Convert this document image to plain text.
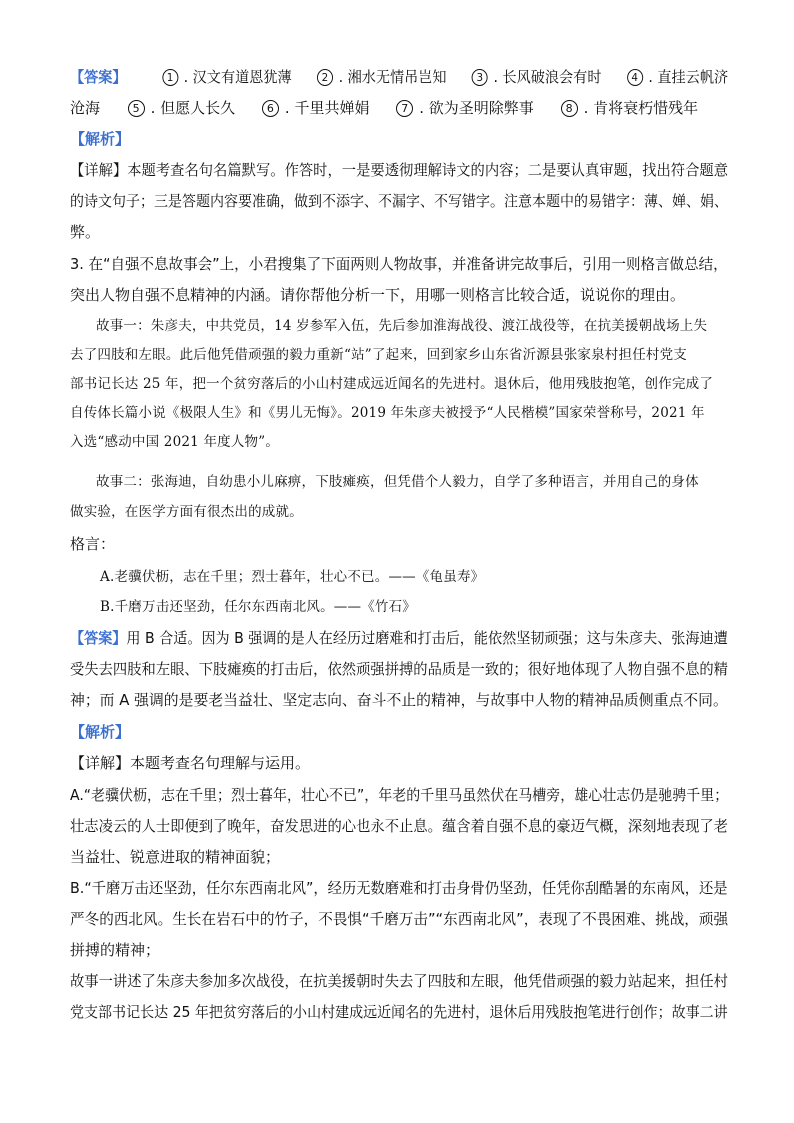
【答案】	1 . 汉文有道恩犹薄	2 . 湘水无情吊岂知	3 . 长风破浪会有时	4 . 直挂云帆济
沧海	5 . 但愿人长久	6 . 千里共婵娟	7 . 欲为圣明除弊事	8 . 肯将衰朽惜残年
【解析】
【详解】本题考查名句名篇默写。作答时，一是要透彻理解诗文的内容；二是要认真审题，找出符合题意
的诗文句子；三是答题内容要准确，做到不添字、不漏字、不写错字。注意本题中的易错字：薄、婵、娟、
弊。
3. 在“自强不息故事会”上，小君搜集了下面两则人物故事，并准备讲完故事后，引用一则格言做总结，
突出人物自强不息精神的内涵。请你帮他分析一下，用哪一则格言比较合适，说说你的理由。
故事一：朱彦夫，中共党员，14 岁参军入伍，先后参加淮海战役、渡江战役等，在抗美援朝战场上失
去了四肢和左眼。此后他凭借顽强的毅力重新“站”了起来，回到家乡山东省沂源县张家泉村担任村党支
部书记长达 25 年，把一个贫穷落后的小山村建成远近闻名的先进村。退休后，他用残肢抱笔，创作完成了
自传体长篇小说《极限人生》和《男儿无悔》。2019 年朱彦夫被授予“人民楷模”国家荣誉称号，2021 年
入选“感动中国 2021 年度人物”。
故事二：张海迪，自幼患小儿麻痹，下肢瘫痪，但凭借个人毅力，自学了多种语言，并用自己的身体
做实验，在医学方面有很杰出的成就。
格言：
A.老骥伏枥，志在千里；烈士暮年，壮心不已。——《龟虽寿》
B.千磨万击还坚劲，任尔东西南北风。——《竹石》
【答案】用 B 合适。因为 B 强调的是人在经历过磨难和打击后，能依然坚韧顽强；这与朱彦夫、张海迪遭
受失去四肢和左眼、下肢瘫痪的打击后，依然顽强拼搏的品质是一致的；很好地体现了人物自强不息的精
神；而 A 强调的是要老当益壮、坚定志向、奋斗不止的精神，与故事中人物的精神品质侧重点不同。
【解析】
【详解】本题考查名句理解与运用。
A.“老骥伏枥，志在千里；烈士暮年，壮心不已”，年老的千里马虽然伏在马槽旁，雄心壮志仍是驰骋千里；
壮志凌云的人士即便到了晚年，奋发思进的心也永不止息。蕴含着自强不息的豪迈气概，深刻地表现了老
当益壮、锐意进取的精神面貌；
B.“千磨万击还坚劲，任尔东西南北风”，经历无数磨难和打击身骨仍坚劲，任凭你刮酷暑的东南风，还是
严冬的西北风。生长在岩石中的竹子，不畏惧“千磨万击”“东西南北风”，表现了不畏困难、挑战，顽强
拼搏的精神；
故事一讲述了朱彦夫参加多次战役，在抗美援朝时失去了四肢和左眼，他凭借顽强的毅力站起来，担任村
党支部书记长达 25 年把贫穷落后的小山村建成远近闻名的先进村，退休后用残肢抱笔进行创作；故事二讲
